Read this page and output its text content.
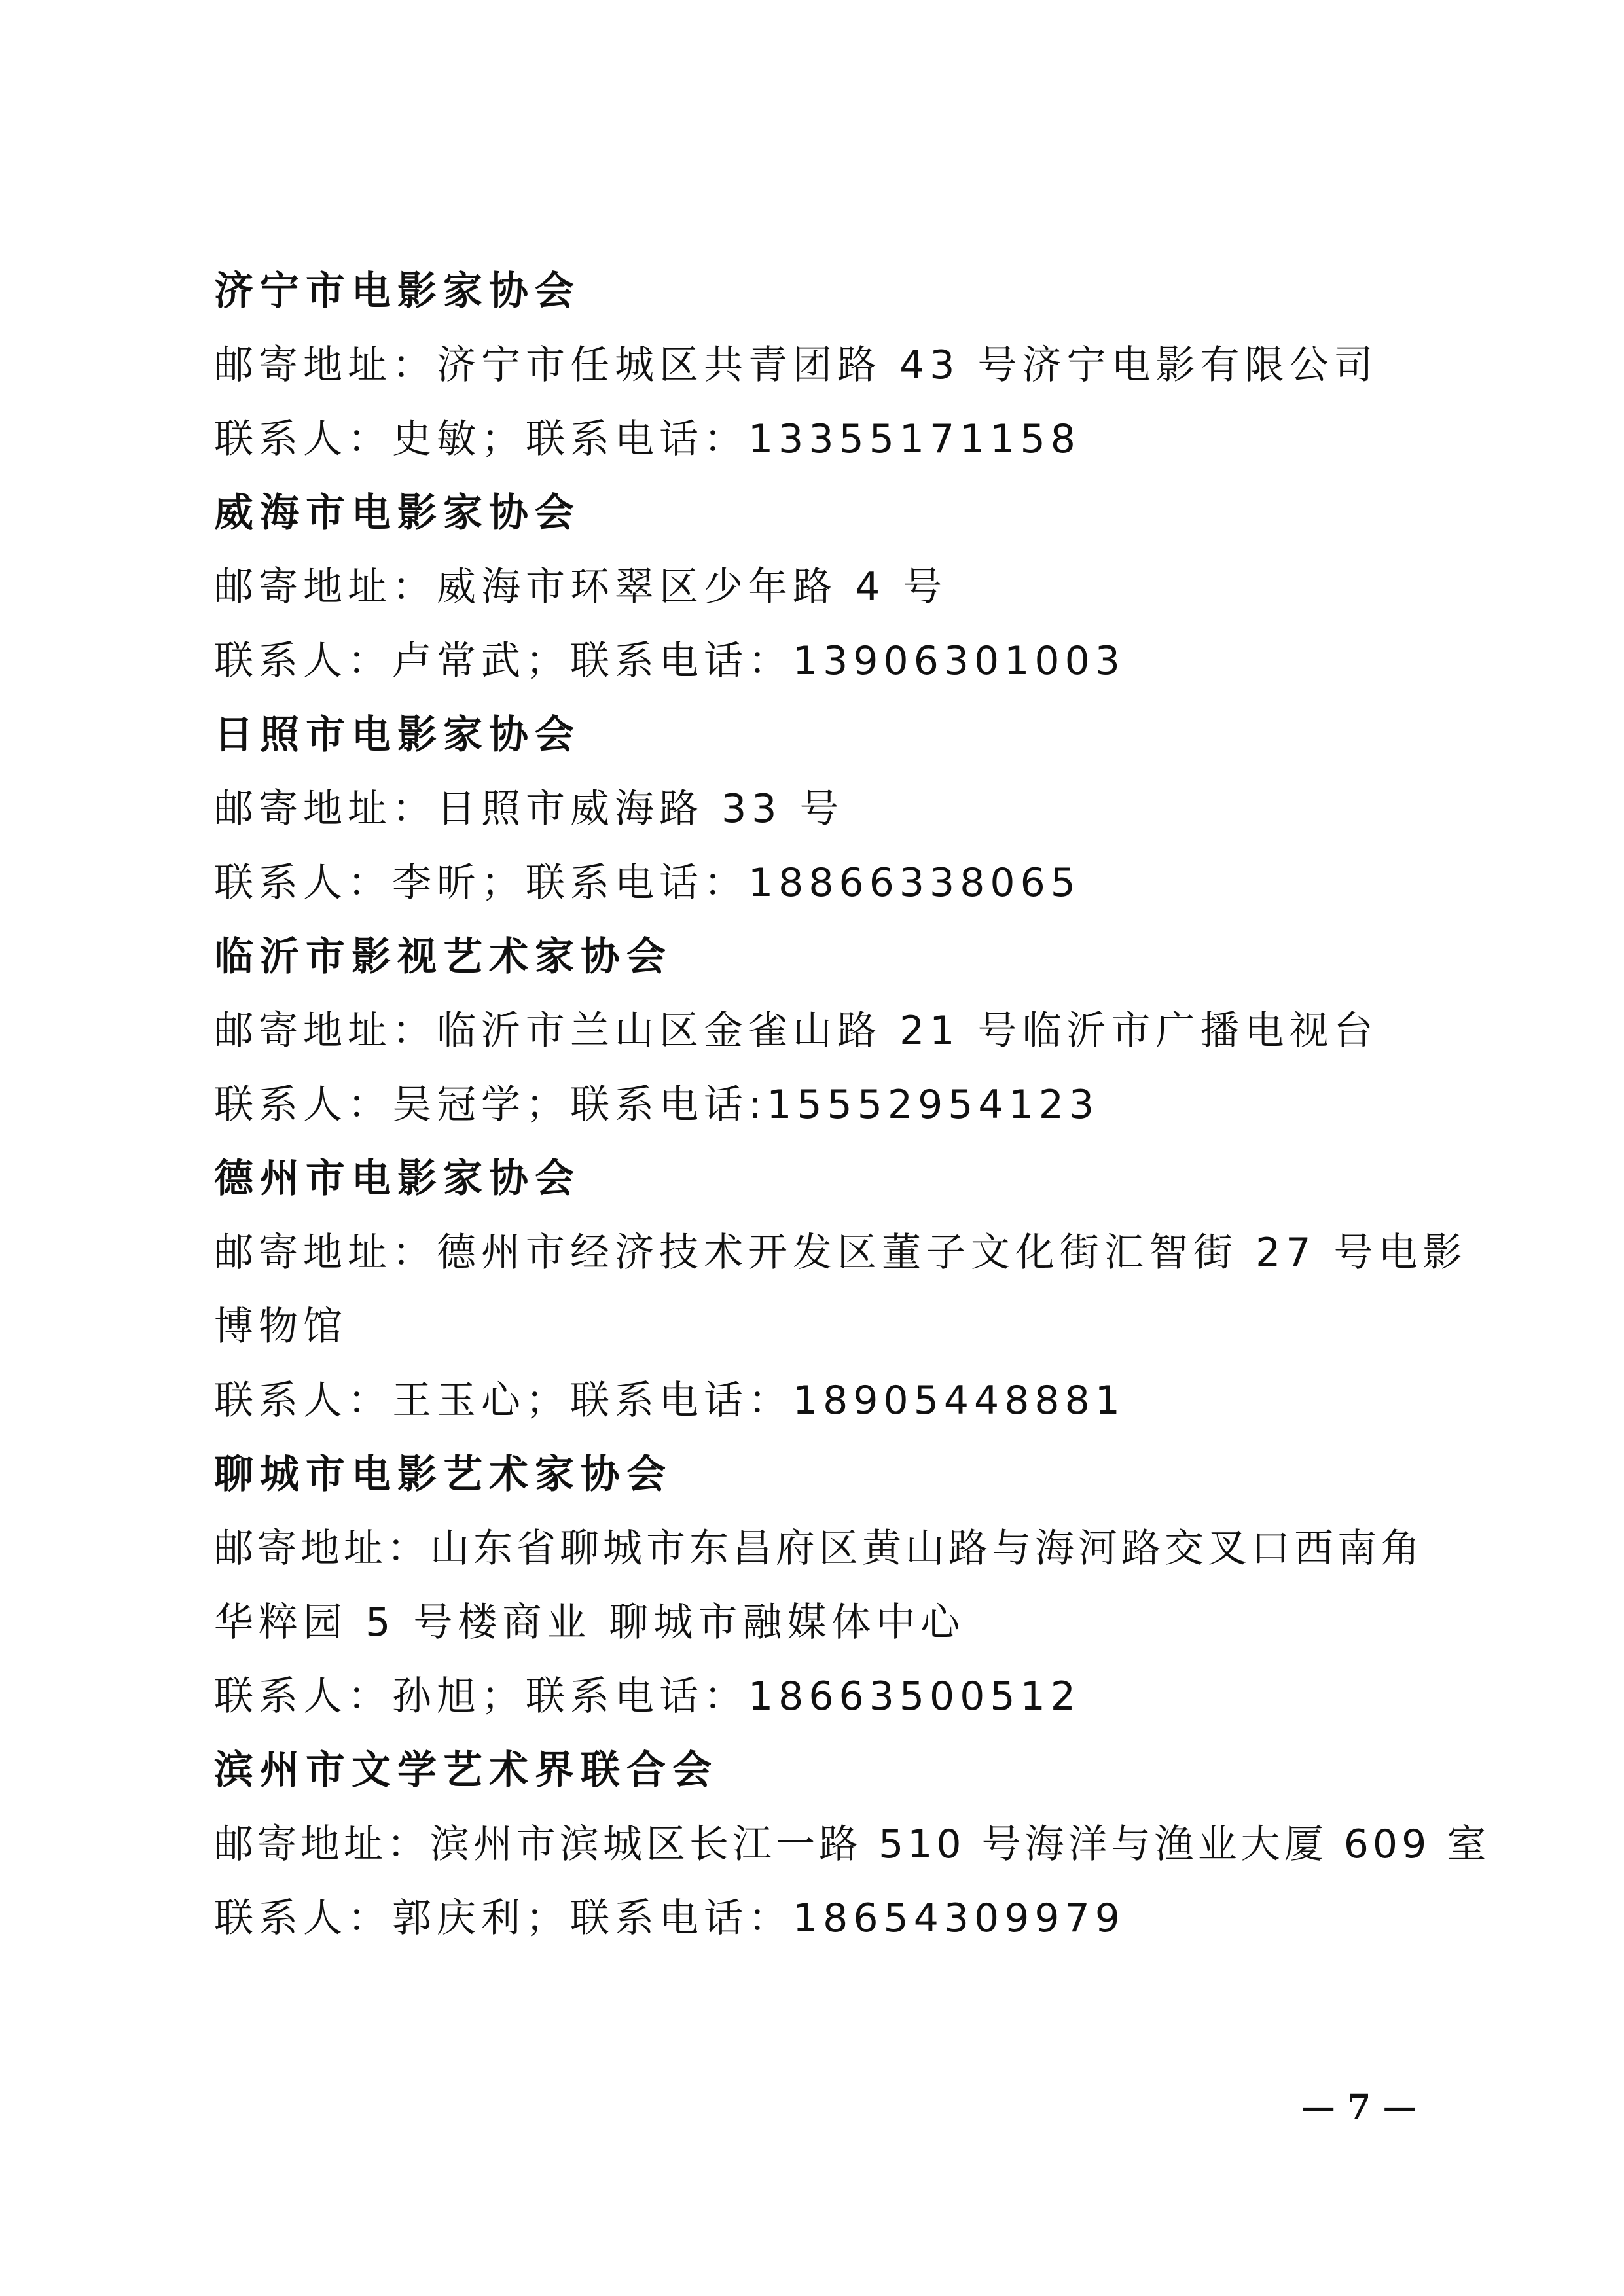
济宁市电影家协会
邮寄地址：济宁市任城区共青团路 43 号济宁电影有限公司
联系人：史敏；联系电话：13355171158
威海市电影家协会
邮寄地址：威海市环翠区少年路 4 号
联系人：卢常武；联系电话：13906301003
日照市电影家协会
邮寄地址：日照市威海路 33 号
联系人：李昕；联系电话：18866338065
临沂市影视艺术家协会
邮寄地址：临沂市兰山区金雀山路 21 号临沂市广播电视台
联系人：吴冠学；联系电话:15552954123
德州市电影家协会
邮寄地址：德州市经济技术开发区董子文化街汇智街 27 号电影
博物馆
联系人：王玉心；联系电话：18905448881
聊城市电影艺术家协会
邮寄地址：山东省聊城市东昌府区黄山路与海河路交叉口西南角
华粹园 5 号楼商业 聊城市融媒体中心
联系人：孙旭；联系电话：18663500512
滨州市文学艺术界联合会
邮寄地址：滨州市滨城区长江一路 510 号海洋与渔业大厦 609 室
联系人：郭庆利；联系电话：18654309979
— 7 —
